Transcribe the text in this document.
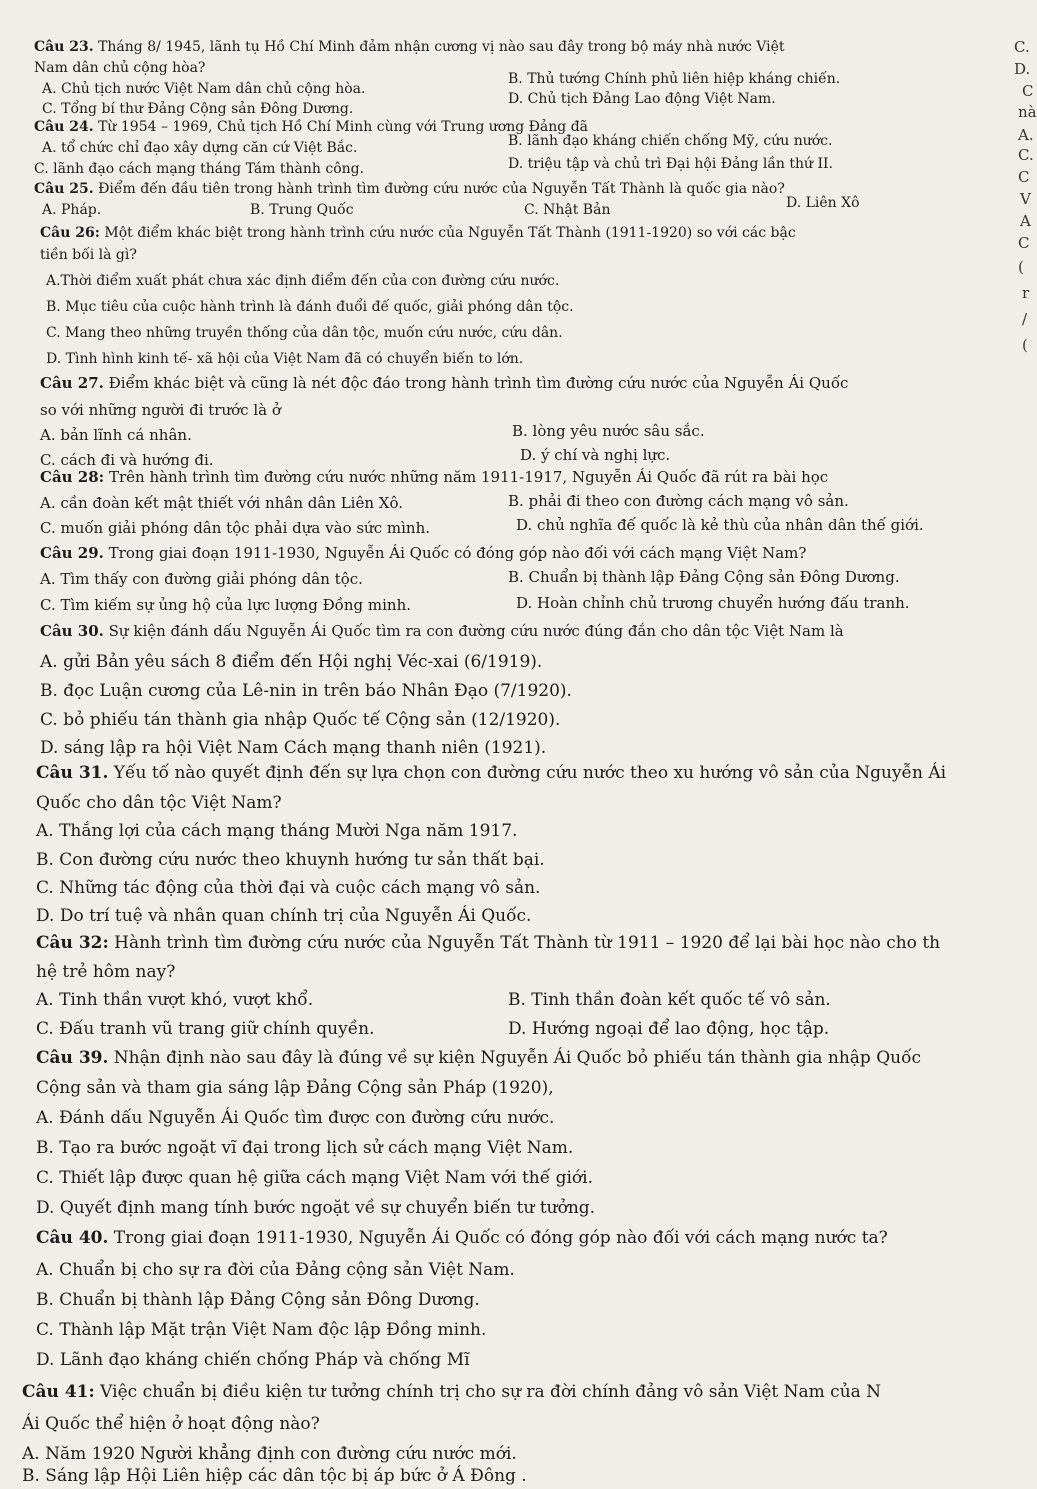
C.
D.
C
nà
A.
C.
C
V
A
C
(
r
/
(
Câu 23. Tháng 8/ 1945, lãnh tụ Hồ Chí Minh đảm nhận cương vị nào sau đây trong bộ máy nhà nước Việt
Nam dân chủ cộng hòa?
A. Chủ tịch nước Việt Nam dân chủ cộng hòa.
B. Thủ tướng Chính phủ liên hiệp kháng chiến.
C. Tổng bí thư Đảng Cộng sản Đông Dương.
D. Chủ tịch Đảng Lao động Việt Nam.
Câu 24. Từ 1954 – 1969, Chủ tịch Hồ Chí Minh cùng với Trung ương Đảng đã
A. tổ chức chỉ đạo xây dựng căn cứ Việt Bắc.	B. lãnh đạo kháng chiến chống Mỹ, cứu nước.
C. lãnh đạo cách mạng tháng Tám thành công.	D. triệu tập và chủ trì Đại hội Đảng lần thứ II.
Câu 25. Điểm đến đầu tiên trong hành trình tìm đường cứu nước của Nguyễn Tất Thành là quốc gia nào?
A. Pháp.	B. Trung Quốc	C. Nhật Bản	D. Liên Xô
Câu 26: Một điểm khác biệt trong hành trình cứu nước của Nguyễn Tất Thành (1911-1920) so với các bậc
tiền bối là gì?
A.Thời điểm xuất phát chưa xác định điểm đến của con đường cứu nước.
B. Mục tiêu của cuộc hành trình là đánh đuổi đế quốc, giải phóng dân tộc.
C. Mang theo những truyền thống của dân tộc, muốn cứu nước, cứu dân.
D. Tình hình kinh tế- xã hội của Việt Nam đã có chuyển biến to lớn.
Câu 27. Điểm khác biệt và cũng là nét độc đáo trong hành trình tìm đường cứu nước của Nguyễn Ái Quốc
so với những người đi trước là ở
A. bản lĩnh cá nhân.	B. lòng yêu nước sâu sắc.
C. cách đi và hướng đi.	D. ý chí và nghị lực.
Câu 28: Trên hành trình tìm đường cứu nước những năm 1911-1917, Nguyễn Ái Quốc đã rút ra bài học
A. cần đoàn kết mật thiết với nhân dân Liên Xô.	B. phải đi theo con đường cách mạng vô sản.
C. muốn giải phóng dân tộc phải dựa vào sức mình.	D. chủ nghĩa đế quốc là kẻ thù của nhân dân thế giới.
Câu 29. Trong giai đoạn 1911-1930, Nguyễn Ái Quốc có đóng góp nào đối với cách mạng Việt Nam?
A. Tìm thấy con đường giải phóng dân tộc.	B. Chuẩn bị thành lập Đảng Cộng sản Đông Dương.
C. Tìm kiếm sự ủng hộ của lực lượng Đồng minh.	D. Hoàn chỉnh chủ trương chuyển hướng đấu tranh.
Câu 30. Sự kiện đánh dấu Nguyễn Ái Quốc tìm ra con đường cứu nước đúng đắn cho dân tộc Việt Nam là
A. gửi Bản yêu sách 8 điểm đến Hội nghị Véc-xai (6/1919).
B. đọc Luận cương của Lê-nin in trên báo Nhân Đạo (7/1920).
C. bỏ phiếu tán thành gia nhập Quốc tế Cộng sản (12/1920).
D. sáng lập ra hội Việt Nam Cách mạng thanh niên (1921).
Câu 31. Yếu tố nào quyết định đến sự lựa chọn con đường cứu nước theo xu hướng vô sản của Nguyễn Ái
Quốc cho dân tộc Việt Nam?
A. Thắng lợi của cách mạng tháng Mười Nga năm 1917.
B. Con đường cứu nước theo khuynh hướng tư sản thất bại.
C. Những tác động của thời đại và cuộc cách mạng vô sản.
D. Do trí tuệ và nhân quan chính trị của Nguyễn Ái Quốc.
Câu 32: Hành trình tìm đường cứu nước của Nguyễn Tất Thành từ 1911 – 1920 để lại bài học nào cho th
hệ trẻ hôm nay?
A. Tinh thần vượt khó, vượt khổ.	B. Tinh thần đoàn kết quốc tế vô sản.
C. Đấu tranh vũ trang giữ chính quyền.	D. Hướng ngoại để lao động, học tập.
Câu 39. Nhận định nào sau đây là đúng về sự kiện Nguyễn Ái Quốc bỏ phiếu tán thành gia nhập Quốc
Cộng sản và tham gia sáng lập Đảng Cộng sản Pháp (1920),
A. Đánh dấu Nguyễn Ái Quốc tìm được con đường cứu nước.
B. Tạo ra bước ngoặt vĩ đại trong lịch sử cách mạng Việt Nam.
C. Thiết lập được quan hệ giữa cách mạng Việt Nam với thế giới.
D. Quyết định mang tính bước ngoặt về sự chuyển biến tư tưởng.
Câu 40. Trong giai đoạn 1911-1930, Nguyễn Ái Quốc có đóng góp nào đối với cách mạng nước ta?
A. Chuẩn bị cho sự ra đời của Đảng cộng sản Việt Nam.
B. Chuẩn bị thành lập Đảng Cộng sản Đông Dương.
C. Thành lập Mặt trận Việt Nam độc lập Đồng minh.
D. Lãnh đạo kháng chiến chống Pháp và chống Mĩ
Câu 41: Việc chuẩn bị điều kiện tư tưởng chính trị cho sự ra đời chính đảng vô sản Việt Nam của N
Ái Quốc thể hiện ở hoạt động nào?
A. Năm 1920 Người khẳng định con đường cứu nước mới.
B. Sáng lập Hội Liên hiệp các dân tộc bị áp bức ở Á Đông .
